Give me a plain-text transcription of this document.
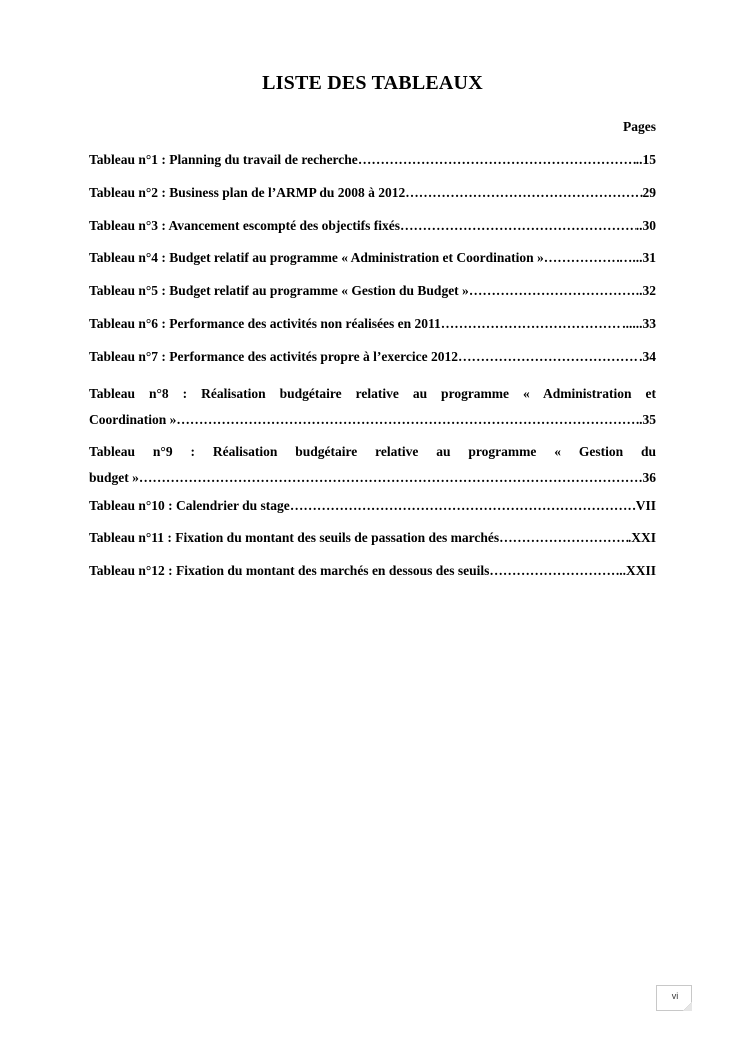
LISTE DES TABLEAUX
Pages
Tableau n°1 : Planning du travail de recherche ………………………………………………………………………………………………………………………………………………………………	..15
Tableau n°2 : Business plan de l’ARMP du 2008 à 2012 ………………………………………………………………………………………………………………………………………………………………	29
Tableau n°3 : Avancement escompté des objectifs fixés ………………………………………………………………………………………………………………………………………………………………	..30
Tableau n°4 : Budget relatif au programme « Administration et Coordination » ………………………………………………………………………………………………………………………………………………………………	…...31
Tableau n°5 : Budget relatif au programme « Gestion du Budget » ………………………………………………………………………………………………………………………………………………………………	..32
Tableau n°6 : Performance des activités non réalisées en 2011 ………………………………………………………………………………………………………………………………………………………………	......33
Tableau n°7 : Performance des activités propre à l’exercice 2012 ………………………………………………………………………………………………………………………………………………………………	.34
Tableau n°8 : Réalisation budgétaire relative au programme « Administration et
Coordination » ………………………………………………………………………………………………………………………………………………………………	.35
Tableau n°9 : Réalisation budgétaire relative au programme « Gestion du
budget » ………………………………………………………………………………………………………………………………………………………………	36
Tableau n°10 : Calendrier du stage ………………………………………………………………………………………………………………………………………………………………	.VII
Tableau n°11 : Fixation du montant des seuils de passation des marchés ………………………………………………………………………………………………………………………………………………………………	.XXI
Tableau n°12 : Fixation du montant des marchés en dessous des seuils ………………………………………………………………………………………………………………………………………………………………	...XXII
vi
